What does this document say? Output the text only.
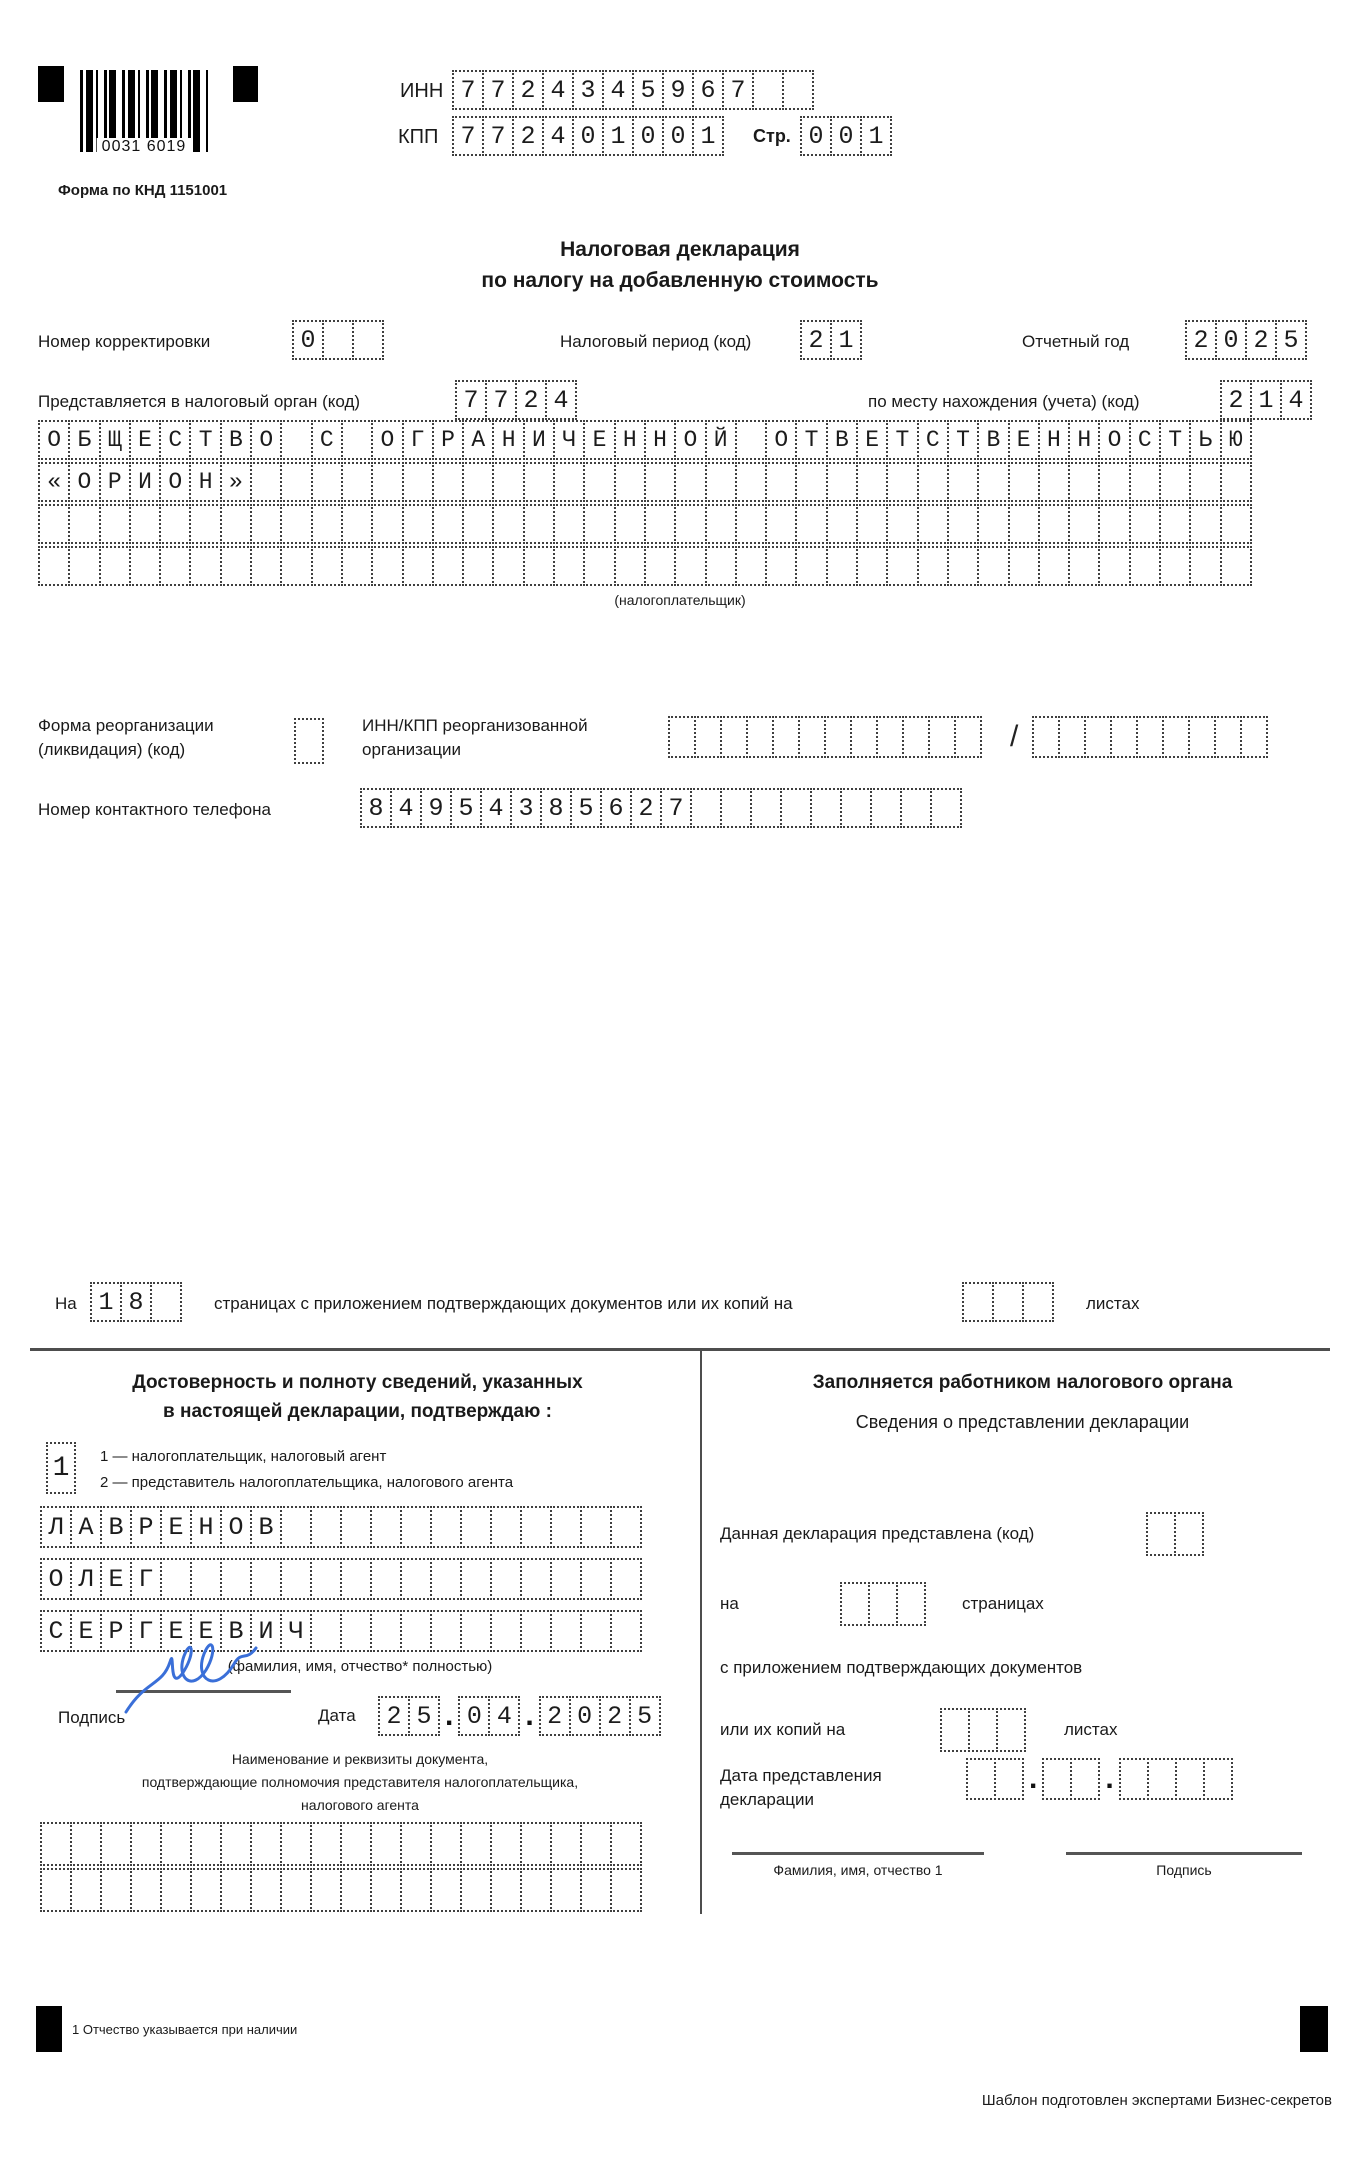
0031 6019
Форма по КНД 1151001
ИНН 7 7 2 4 3 4 5 9 6 7
КПП 7 7 2 4 0 1 0 0 1	Стр. 0 0 1
Налоговая декларация
по налогу на добавленную стоимость
Номер корректировки	0	Налоговый период (код)	2 1	Отчетный год	2 0 2 5
Представляется в налоговый орган (код)	7 7 2 4	по месту нахождения (учета) (код)	2 1 4
О Б Щ Е С Т В О	С	О Г Р А Н И Ч Е Н Н О Й	О Т В Е Т С Т В Е Н Н О С Т Ь Ю
« О Р И О Н »
(налогоплательщик)
Форма реорганизации
(ликвидация) (код)
ИНН/КПП реорганизованной
организации	/
Номер контактного телефона	8 4 9 5 4 3 8 5 6 2 7
На 1 8	страницах с приложением подтверждающих документов или их копий на	листах
Достоверность и полноту сведений, указанных
в настоящей декларации, подтверждаю :
1	1 — налогоплательщик, налоговый агент
2 — представитель налогоплательщика, налогового агента
Л А В Р Е Н О В
О Л Е Г
С Е Р Г Е Е В И Ч
(фамилия, имя, отчество* полностью)
Подпись	Дата	2 5 . 0 4 . 2 0 2 5
Наименование и реквизиты документа,
подтверждающие полномочия представителя налогоплательщика,
налогового агента
Заполняется работником налогового органа
Сведения о представлении декларации
Данная декларация представлена (код)
на	страницах
с приложением подтверждающих документов
или их копий на	листах
Дата представления
декларации
. .
Фамилия, имя, отчество 1	Подпись
1 Отчество указывается при наличии
Шаблон подготовлен экспертами Бизнес-секретов
